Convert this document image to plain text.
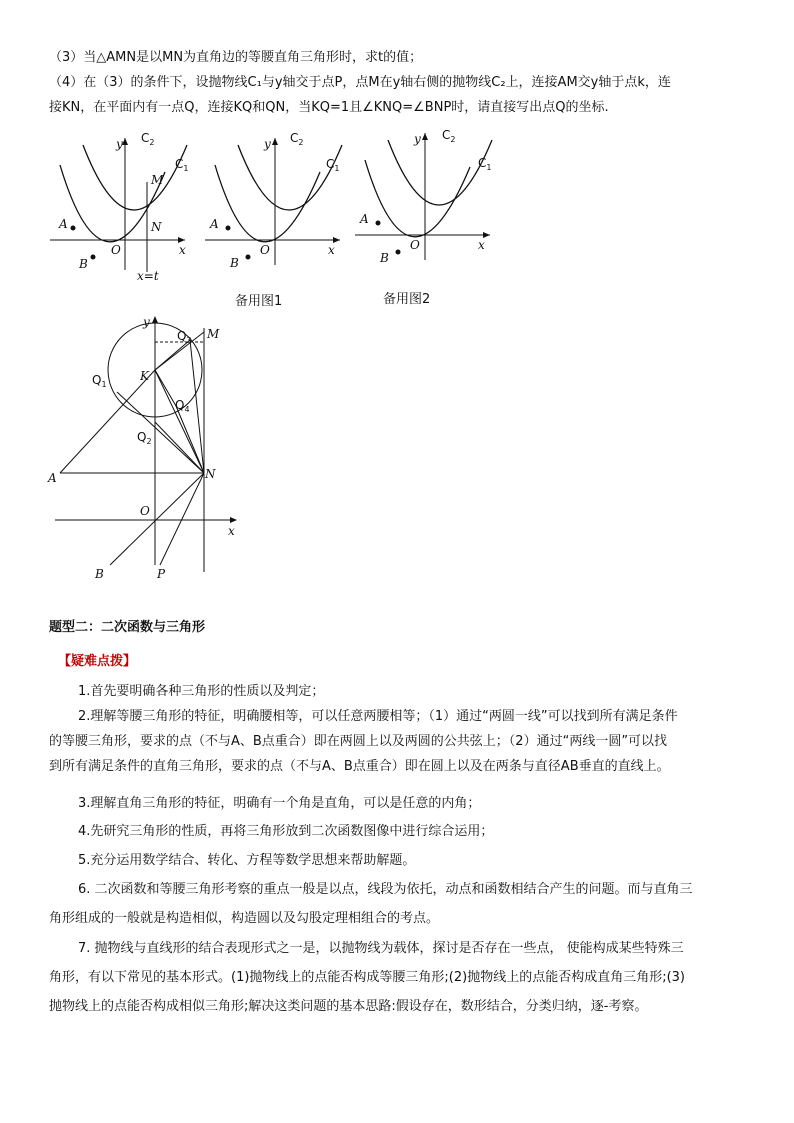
（3）当△AMN是以MN为直角边的等腰直角三角形时，求t的值；
（4）在（3）的条件下，设抛物线C₁与y轴交于点P，点M在y轴右侧的抛物线C₂上，连接AM交y轴于点k，连
接KN，在平面内有一点Q，连接KQ和QN，当KQ=1且∠KNQ=∠BNP时，请直接写出点Q的坐标.
y $C_2$
$C_1$
M
N
A
B
O	x
x=t
y $C_2$
$C_1$
A
B
O	x
备用图1
y $C_2$
$C_1$
A
B
O	x
备用图2
y
M
$Q_3$
K
$Q_1$
$Q_4$
$Q_2$
N
A
O
x
B	P
题型二：二次函数与三角形
【疑难点拨】
1.首先要明确各种三角形的性质以及判定；
2.理解等腰三角形的特征，明确腰相等，可以任意两腰相等；（1）通过“两圆一线”可以找到所有满足条件
的等腰三角形，要求的点（不与A、B点重合）即在两圆上以及两圆的公共弦上；（2）通过“两线一圆”可以找
到所有满足条件的直角三角形，要求的点（不与A、B点重合）即在圆上以及在两条与直径AB垂直的直线上。
3.理解直角三角形的特征，明确有一个角是直角，可以是任意的内角；
4.先研究三角形的性质，再将三角形放到二次函数图像中进行综合运用；
5.充分运用数学结合、转化、方程等数学思想来帮助解题。
6. 二次函数和等腰三角形考察的重点一般是以点，线段为依托，动点和函数相结合产生的问题。而与直角三
角形组成的一般就是构造相似，构造圆以及勾股定理相组合的考点。
7. 抛物线与直线形的结合表现形式之一是，以抛物线为载体，探讨是否存在一些点， 使能构成某些特殊三
角形，有以下常见的基本形式。(1)抛物线上的点能否构成等腰三角形;(2)抛物线上的点能否构成直角三角形;(3)
抛物线上的点能否构成相似三角形;解决这类问题的基本思路:假设存在，数形结合，分类归纳，逐-考察。
